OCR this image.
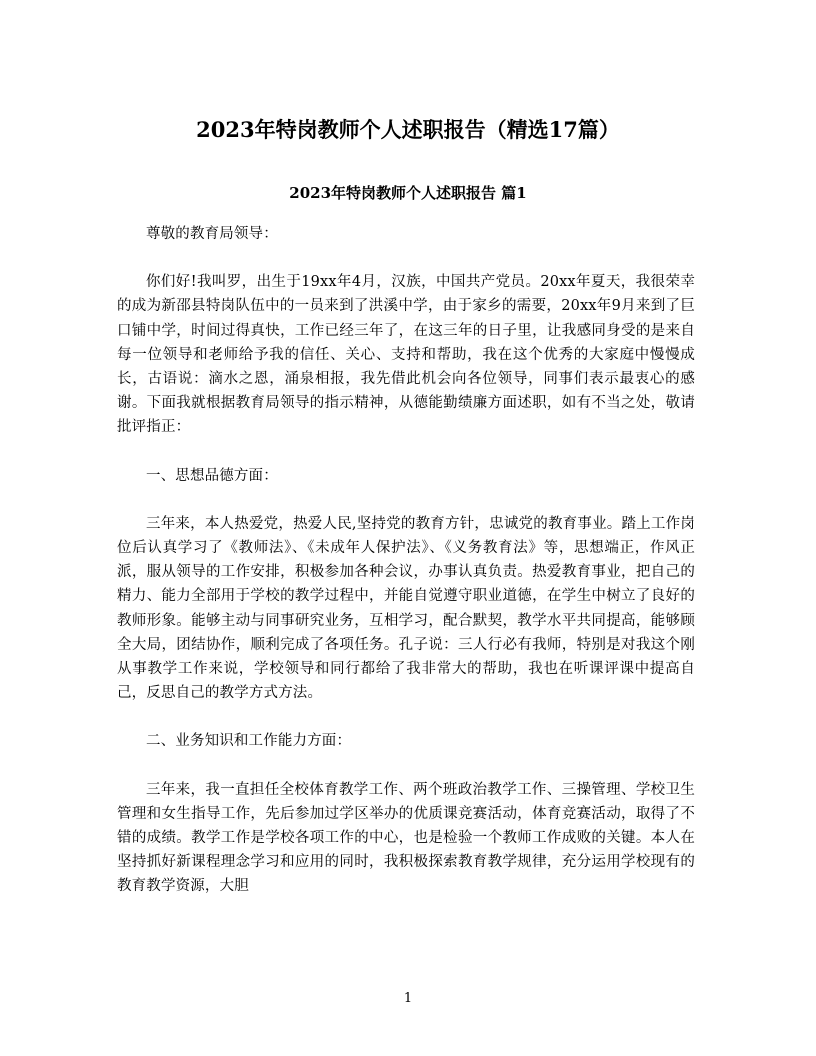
2023年特岗教师个人述职报告（精选17篇）
2023年特岗教师个人述职报告 篇1

尊敬的教育局领导：

你们好!我叫罗，出生于19xx年4月，汉族，中国共产党员。20xx年夏天，我很荣幸的成为新邵县特岗队伍中的一员来到了洪溪中学，由于家乡的需要，20xx年9月来到了巨口铺中学，时间过得真快，工作已经三年了，在这三年的日子里，让我感同身受的是来自每一位领导和老师给予我的信任、关心、支持和帮助，我在这个优秀的大家庭中慢慢成长，古语说：滴水之恩，涌泉相报，我先借此机会向各位领导，同事们表示最衷心的感谢。下面我就根据教育局领导的指示精神，从德能勤绩廉方面述职，如有不当之处，敬请批评指正：

一、思想品德方面：

三年来，本人热爱党，热爱人民,坚持党的教育方针，忠诚党的教育事业。踏上工作岗位后认真学习了《教师法》、《未成年人保护法》、《义务教育法》等，思想端正，作风正派，服从领导的工作安排，积极参加各种会议，办事认真负责。热爱教育事业，把自己的精力、能力全部用于学校的教学过程中，并能自觉遵守职业道德，在学生中树立了良好的教师形象。能够主动与同事研究业务，互相学习，配合默契，教学水平共同提高，能够顾全大局，团结协作，顺利完成了各项任务。孔子说：三人行必有我师，特别是对我这个刚从事教学工作来说，学校领导和同行都给了我非常大的帮助，我也在听课评课中提高自己，反思自己的教学方式方法。

二、业务知识和工作能力方面：

三年来，我一直担任全校体育教学工作、两个班政治教学工作、三操管理、学校卫生管理和女生指导工作，先后参加过学区举办的优质课竞赛活动，体育竞赛活动，取得了不错的成绩。教学工作是学校各项工作的中心，也是检验一个教师工作成败的关键。本人在坚持抓好新课程理念学习和应用的同时，我积极探索教育教学规律，充分运用学校现有的教育教学资源，大胆

1
